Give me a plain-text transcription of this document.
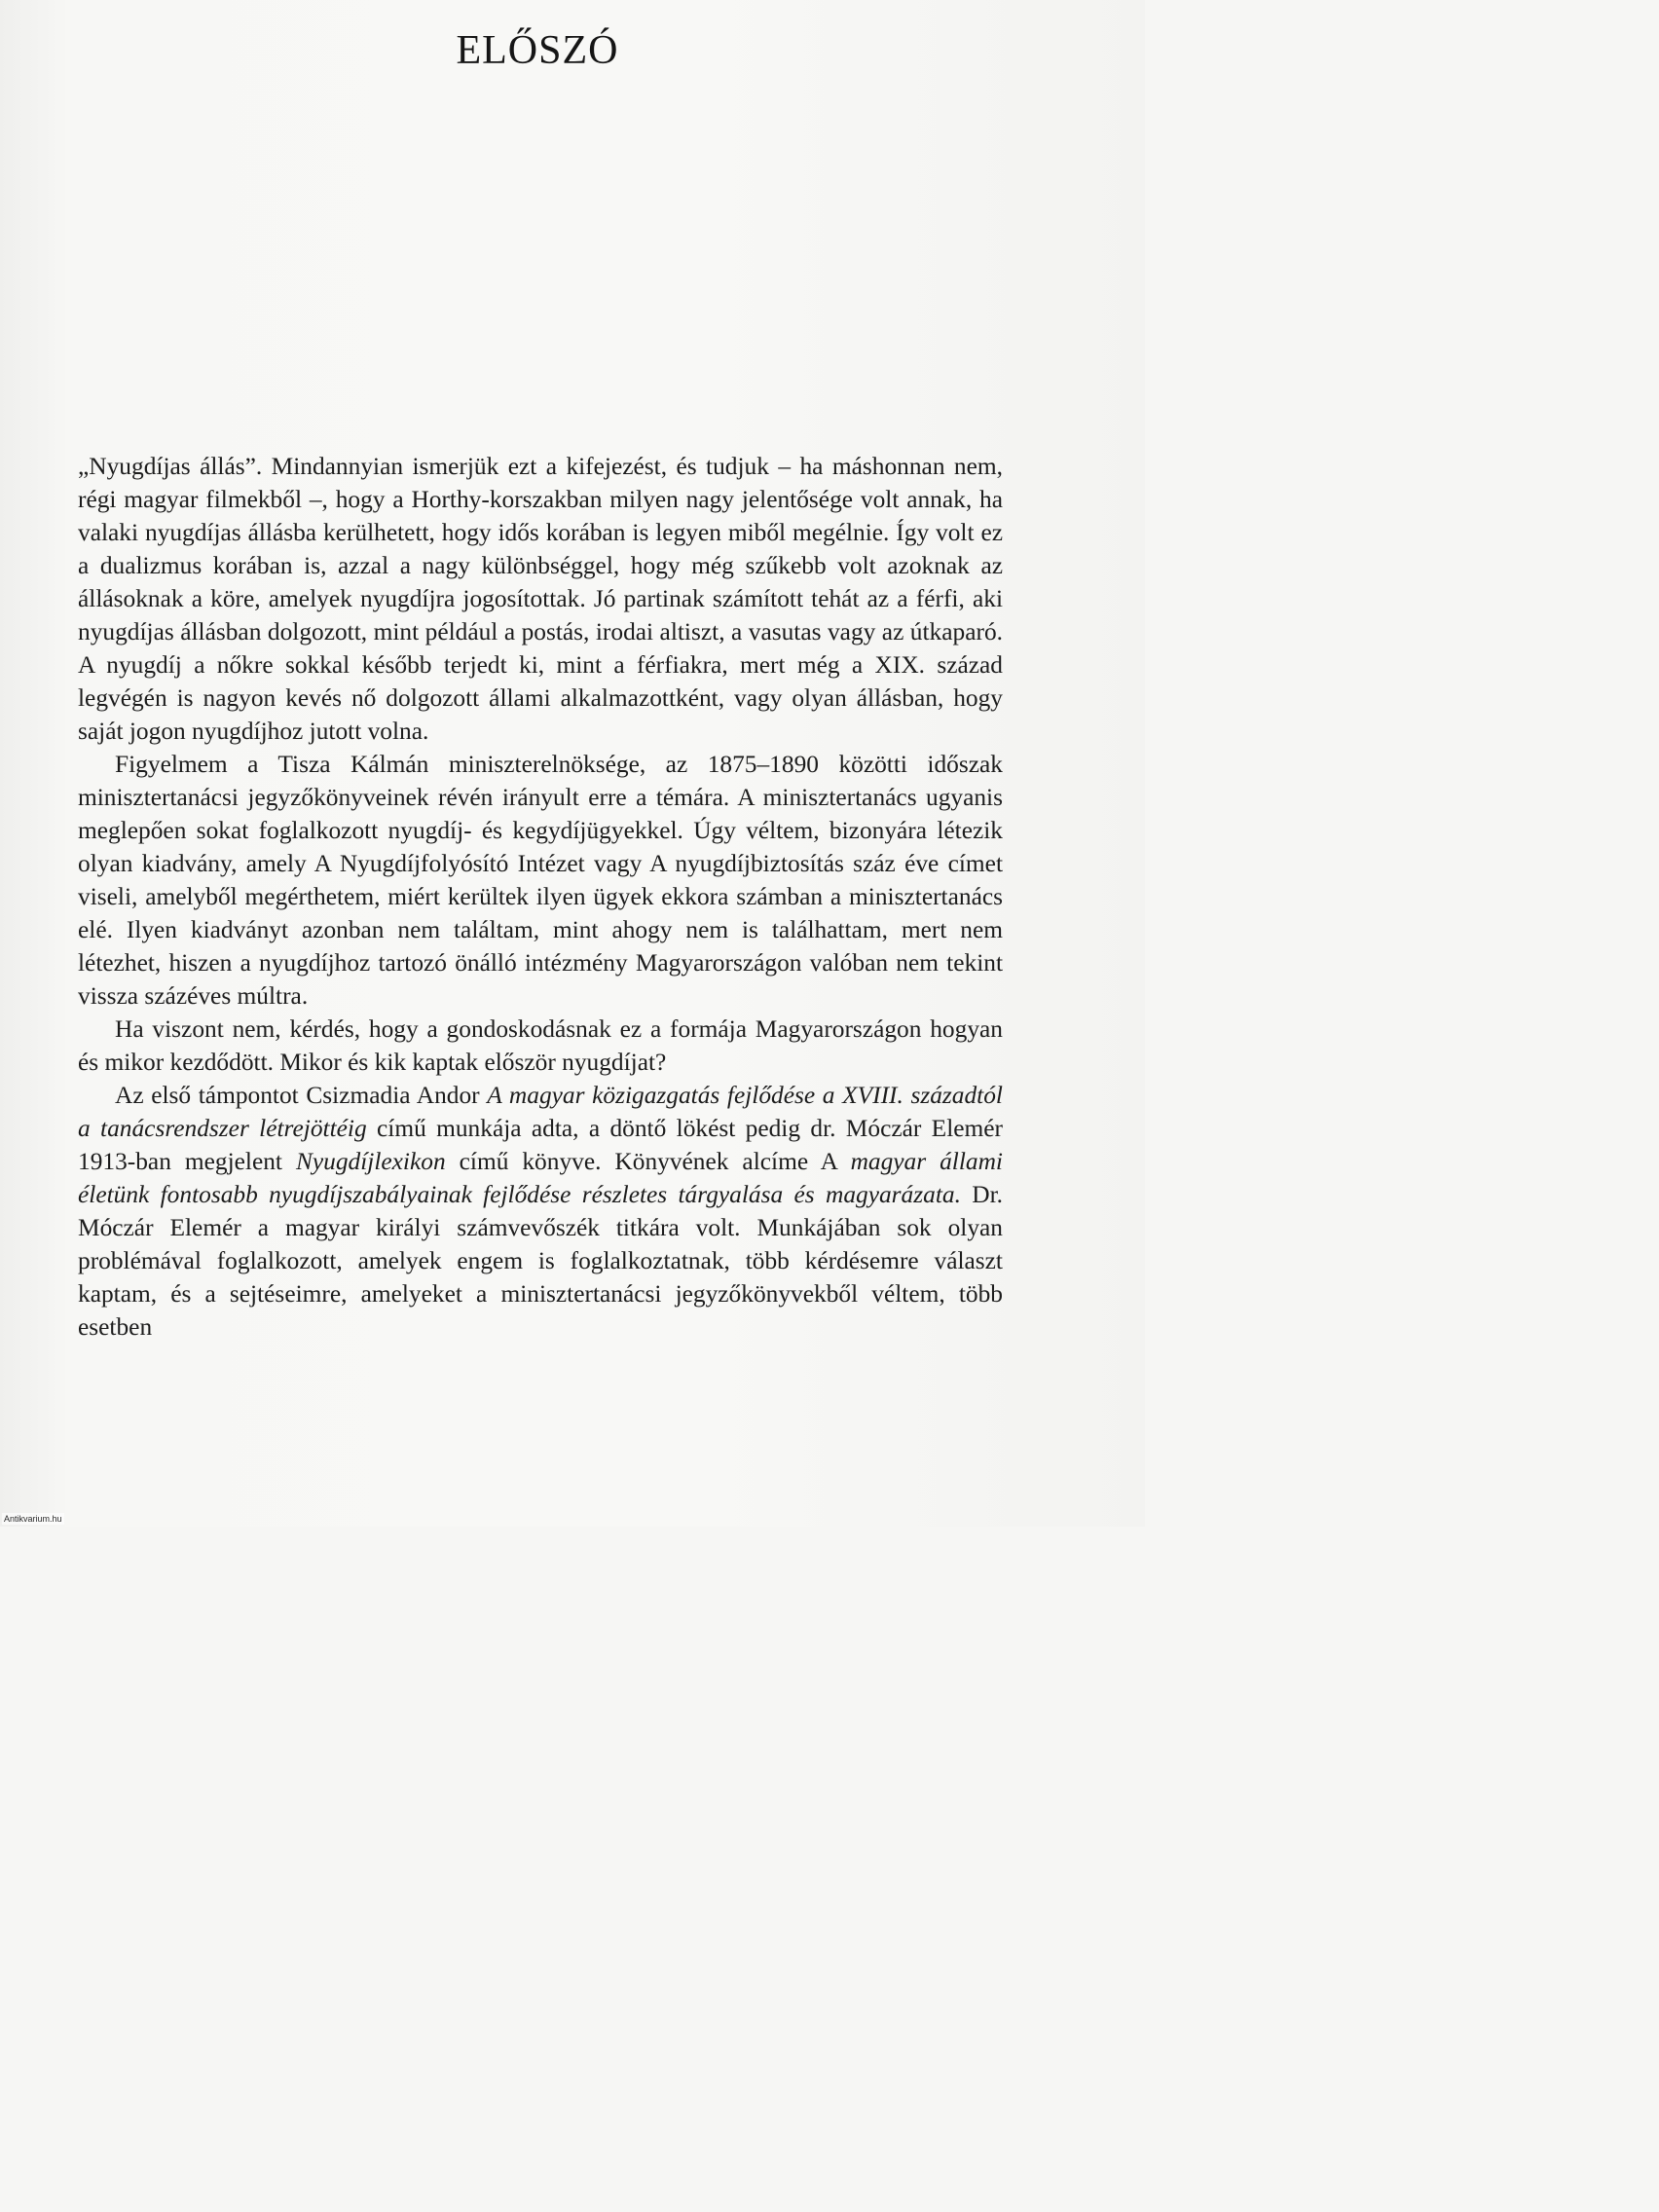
ELŐSZÓ

„Nyugdíjas állás”. Mindannyian ismerjük ezt a kifejezést, és tudjuk – ha máshonnan nem, régi magyar filmekből –, hogy a Horthy-korszakban milyen nagy jelentősége volt annak, ha valaki nyugdíjas állásba kerülhetett, hogy idős korában is legyen miből megélnie. Így volt ez a dualizmus korában is, azzal a nagy különbséggel, hogy még szűkebb volt azoknak az állásoknak a köre, amelyek nyugdíjra jogosítottak. Jó partinak számított tehát az a férfi, aki nyugdíjas állásban dolgozott, mint például a postás, irodai altiszt, a vasutas vagy az útkaparó. A nyugdíj a nőkre sokkal később terjedt ki, mint a férfiakra, mert még a XIX. század legvégén is nagyon kevés nő dolgozott állami alkalmazottként, vagy olyan állásban, hogy saját jogon nyugdíjhoz jutott volna.

Figyelmem a Tisza Kálmán miniszterelnöksége, az 1875–1890 közötti időszak minisztertanácsi jegyzőkönyveinek révén irányult erre a témára. A minisztertanács ugyanis meglepően sokat foglalkozott nyugdíj- és kegydíjügyekkel. Úgy véltem, bizonyára létezik olyan kiadvány, amely A Nyugdíjfolyósító Intézet vagy A nyugdíjbiztosítás száz éve címet viseli, amelyből megérthetem, miért kerültek ilyen ügyek ekkora számban a minisztertanács elé. Ilyen kiadványt azonban nem találtam, mint ahogy nem is találhattam, mert nem létezhet, hiszen a nyugdíjhoz tartozó önálló intézmény Magyarországon valóban nem tekint vissza százéves múltra.

Ha viszont nem, kérdés, hogy a gondoskodásnak ez a formája Magyarországon hogyan és mikor kezdődött. Mikor és kik kaptak először nyugdíjat?

Az első támpontot Csizmadia Andor A magyar közigazgatás fejlődése a XVIII. századtól a tanácsrendszer létrejöttéig című munkája adta, a döntő lökést pedig dr. Móczár Elemér 1913-ban megjelent Nyugdíjlexikon című könyve. Könyvének alcíme A magyar állami életünk fontosabb nyugdíjszabályainak fejlődése részletes tárgyalása és magyarázata. Dr. Móczár Elemér a magyar királyi számvevőszék titkára volt. Munkájában sok olyan problémával foglalkozott, amelyek engem is foglalkoztatnak, több kérdésemre választ kaptam, és a sejtéseimre, amelyeket a minisztertanácsi jegyzőkönyvekből véltem, több esetben

Antikvarium.hu
